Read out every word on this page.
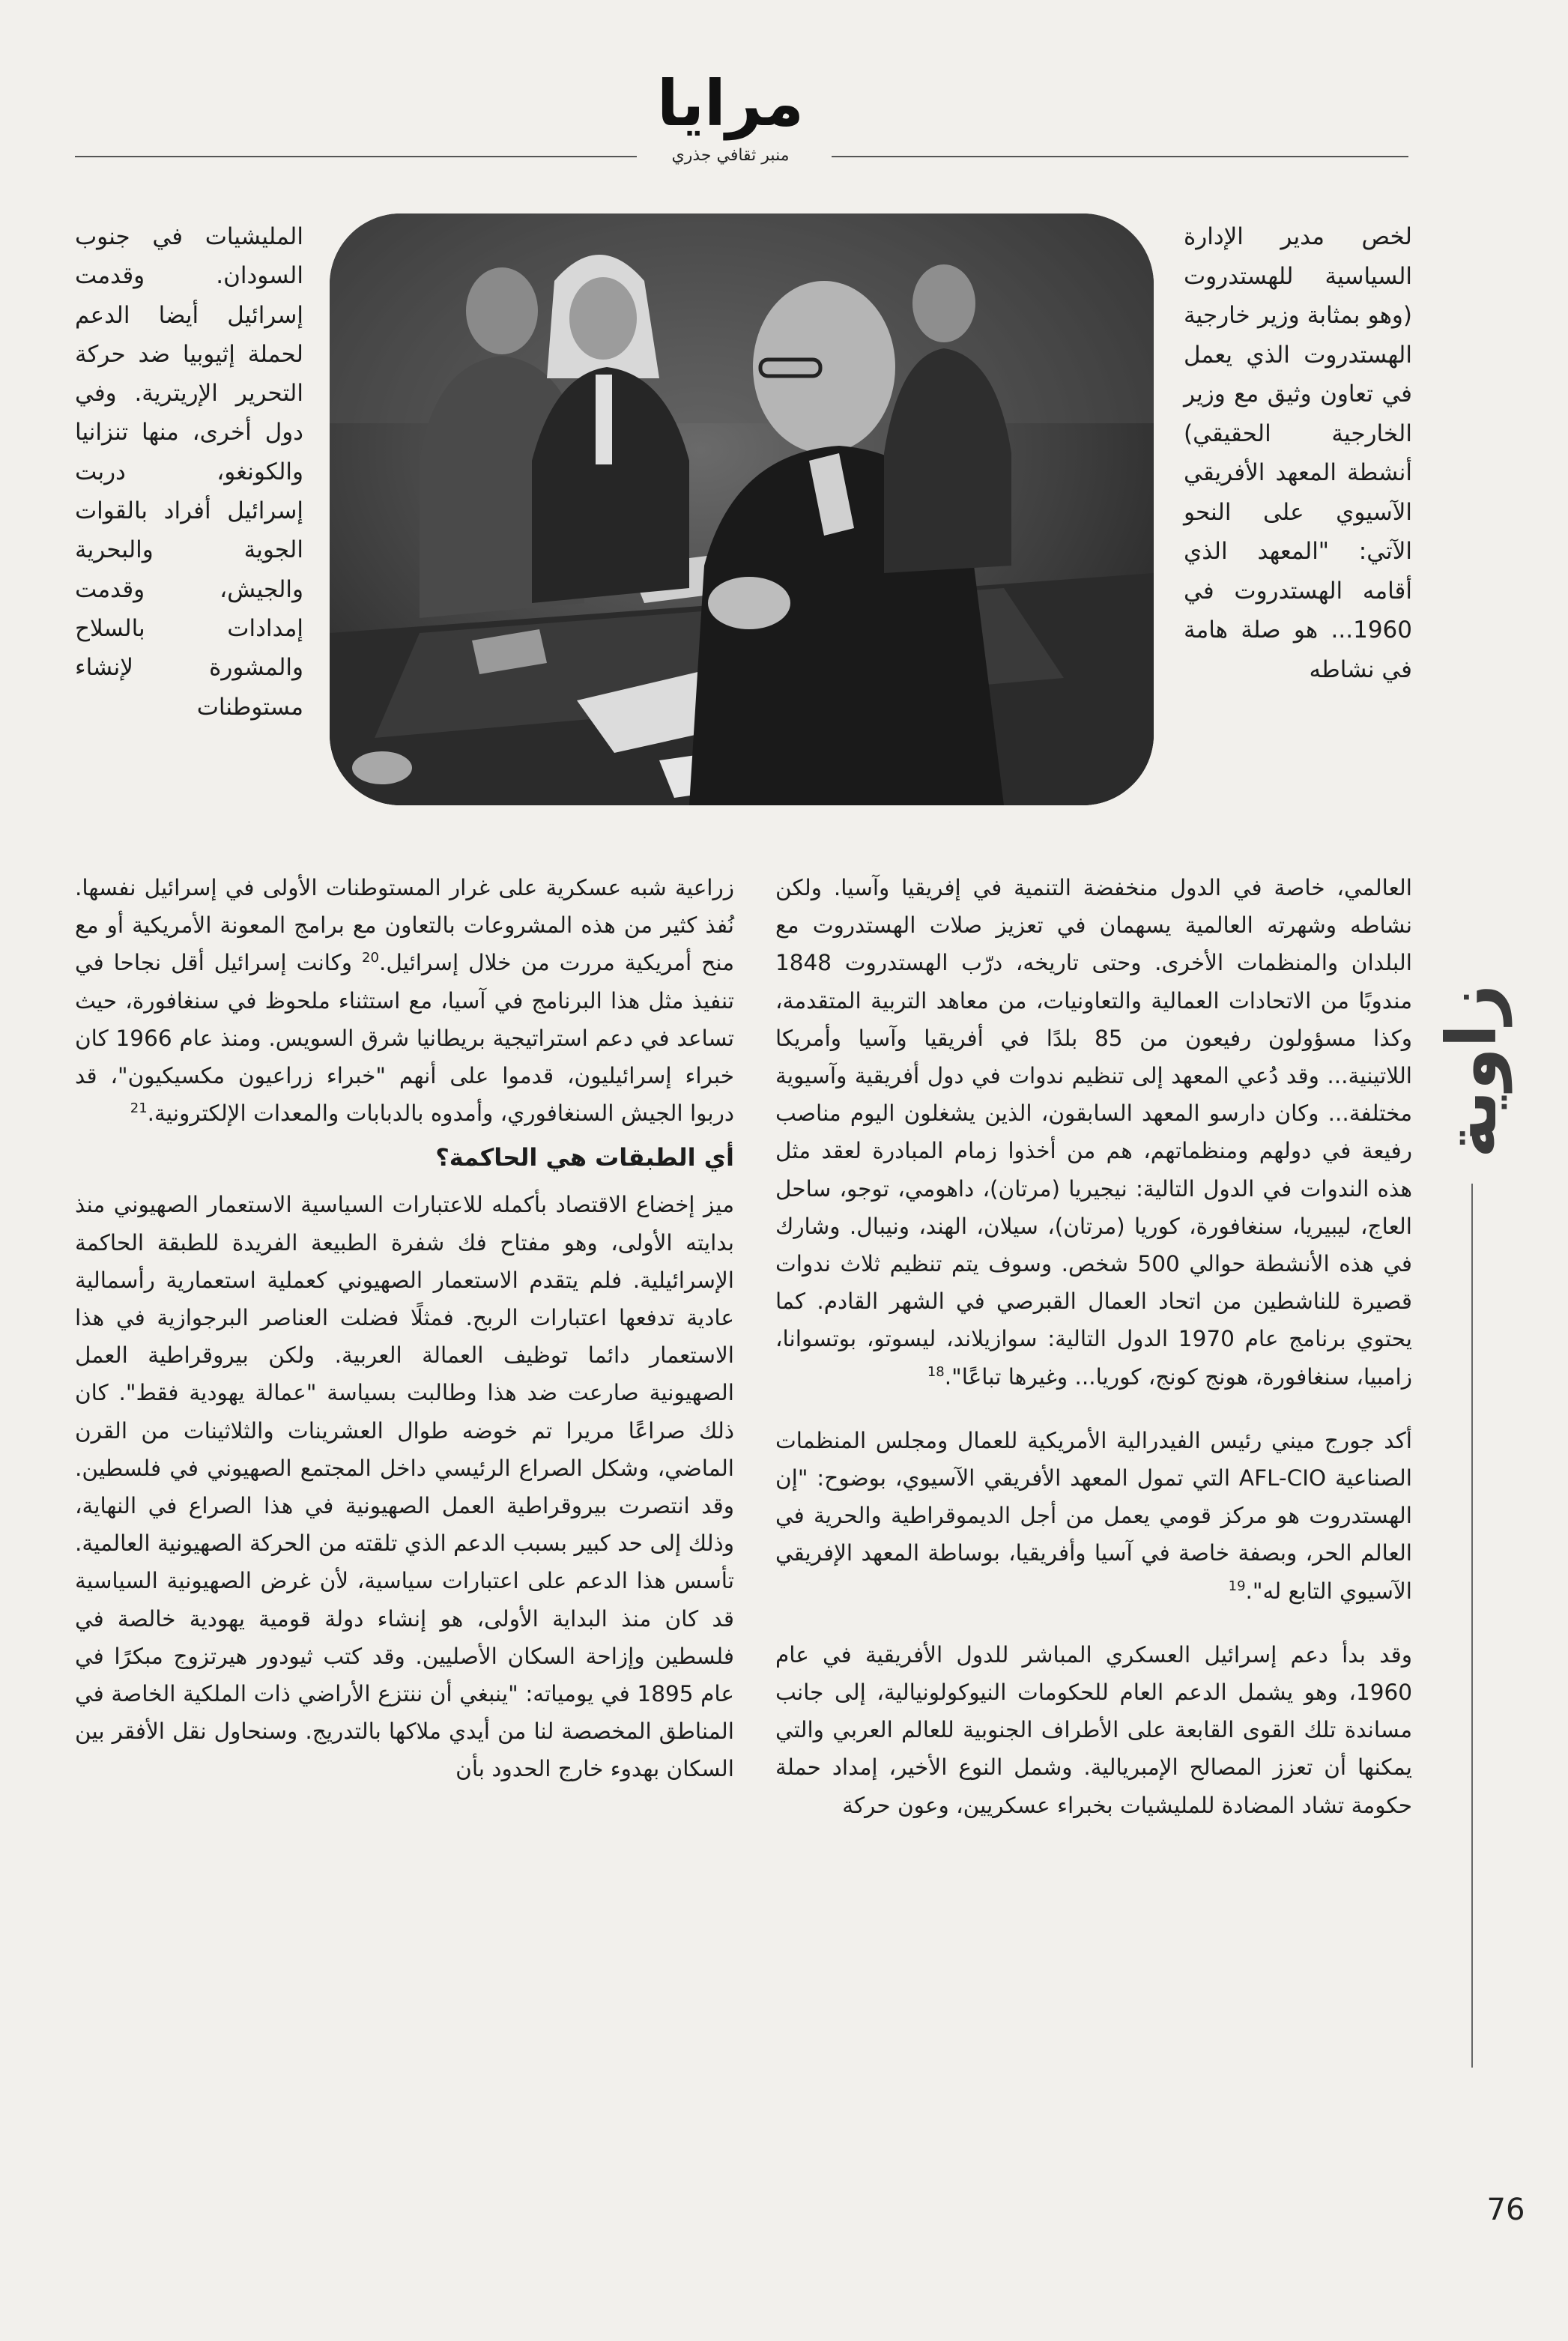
مرايا
منبر ثقافي جذري
لخص مدير الإدارة السياسية للهستدروت (وهو بمثابة وزير خارجية الهستدروت الذي يعمل في تعاون وثيق مع وزير الخارجية الحقيقي) أنشطة المعهد الأفريقي الآسيوي على النحو الآتي: "المعهد الذي أقامه الهستدروت في 1960... هو صلة هامة في نشاطه
المليشيات في جنوب السودان. وقدمت إسرائيل أيضا الدعم لحملة إثيوبيا ضد حركة التحرير الإريترية. وفي دول أخرى، منها تنزانيا والكونغو، دربت إسرائيل أفراد بالقوات الجوية والبحرية والجيش، وقدمت إمدادات بالسلاح والمشورة لإنشاء مستوطنات

العالمي، خاصة في الدول منخفضة التنمية في إفريقيا وآسيا. ولكن نشاطه وشهرته العالمية يسهمان في تعزيز صلات الهستدروت مع البلدان والمنظمات الأخرى. وحتى تاريخه، درّب الهستدروت 1848 مندوبًا من الاتحادات العمالية والتعاونيات، من معاهد التربية المتقدمة، وكذا مسؤولون رفيعون من 85 بلدًا في أفريقيا وآسيا وأمريكا اللاتينية... وقد دُعي المعهد إلى تنظيم ندوات في دول أفريقية وآسيوية مختلفة... وكان دارسو المعهد السابقون، الذين يشغلون اليوم مناصب رفيعة في دولهم ومنظماتهم، هم من أخذوا زمام المبادرة لعقد مثل هذه الندوات في الدول التالية: نيجيريا (مرتان)، داهومي، توجو، ساحل العاج، ليبيريا، سنغافورة، كوريا (مرتان)، سيلان، الهند، ونيبال. وشارك في هذه الأنشطة حوالي 500 شخص. وسوف يتم تنظيم ثلاث ندوات قصيرة للناشطين من اتحاد العمال القبرصي في الشهر القادم. كما يحتوي برنامج عام 1970 الدول التالية: سوازيلاند، ليسوتو، بوتسوانا، زامبيا، سنغافورة، هونج كونج، كوريا... وغيرها تباعًا".$^{18}$

أكد جورج ميني رئيس الفيدرالية الأمريكية للعمال ومجلس المنظمات الصناعية AFL-CIO التي تمول المعهد الأفريقي الآسيوي، بوضوح: "إن الهستدروت هو مركز قومي يعمل من أجل الديموقراطية والحرية في العالم الحر، وبصفة خاصة في آسيا وأفريقيا، بوساطة المعهد الإفريقي الآسيوي التابع له".$^{19}$

وقد بدأ دعم إسرائيل العسكري المباشر للدول الأفريقية في عام 1960، وهو يشمل الدعم العام للحكومات النيوكولونيالية، إلى جانب مساندة تلك القوى القابعة على الأطراف الجنوبية للعالم العربي والتي يمكنها أن تعزز المصالح الإمبريالية. وشمل النوع الأخير، إمداد حملة حكومة تشاد المضادة للمليشيات بخبراء عسكريين، وعون حركة

زراعية شبه عسكرية على غرار المستوطنات الأولى في إسرائيل نفسها. نُفذ كثير من هذه المشروعات بالتعاون مع برامج المعونة الأمريكية أو مع منح أمريكية مررت من خلال إسرائيل.$^{20}$ وكانت إسرائيل أقل نجاحا في تنفيذ مثل هذا البرنامج في آسيا، مع استثناء ملحوظ في سنغافورة، حيث تساعد في دعم استراتيجية بريطانيا شرق السويس. ومنذ عام 1966 كان خبراء إسرائيليون، قدموا على أنهم "خبراء زراعيون مكسيكيون"، قد دربوا الجيش السنغافوري، وأمدوه بالدبابات والمعدات الإلكترونية.$^{21}$

أي الطبقات هي الحاكمة؟

ميز إخضاع الاقتصاد بأكمله للاعتبارات السياسية الاستعمار الصهيوني منذ بدايته الأولى، وهو مفتاح فك شفرة الطبيعة الفريدة للطبقة الحاكمة الإسرائيلية. فلم يتقدم الاستعمار الصهيوني كعملية استعمارية رأسمالية عادية تدفعها اعتبارات الربح. فمثلًا فضلت العناصر البرجوازية في هذا الاستعمار دائما توظيف العمالة العربية. ولكن بيروقراطية العمل الصهيونية صارعت ضد هذا وطالبت بسياسة "عمالة يهودية فقط". كان ذلك صراعًا مريرا تم خوضه طوال العشرينات والثلاثينات من القرن الماضي، وشكل الصراع الرئيسي داخل المجتمع الصهيوني في فلسطين. وقد انتصرت بيروقراطية العمل الصهيونية في هذا الصراع في النهاية، وذلك إلى حد كبير بسبب الدعم الذي تلقته من الحركة الصهيونية العالمية. تأسس هذا الدعم على اعتبارات سياسية، لأن غرض الصهيونية السياسية قد كان منذ البداية الأولى، هو إنشاء دولة قومية يهودية خالصة في فلسطين وإزاحة السكان الأصليين. وقد كتب ثيودور هيرتزوج مبكرًا في عام 1895 في يومياته: "ينبغي أن ننتزع الأراضي ذات الملكية الخاصة في المناطق المخصصة لنا من أيدي ملاكها بالتدريج. وسنحاول نقل الأفقر بين السكان بهدوء خارج الحدود بأن

زاوية
76
